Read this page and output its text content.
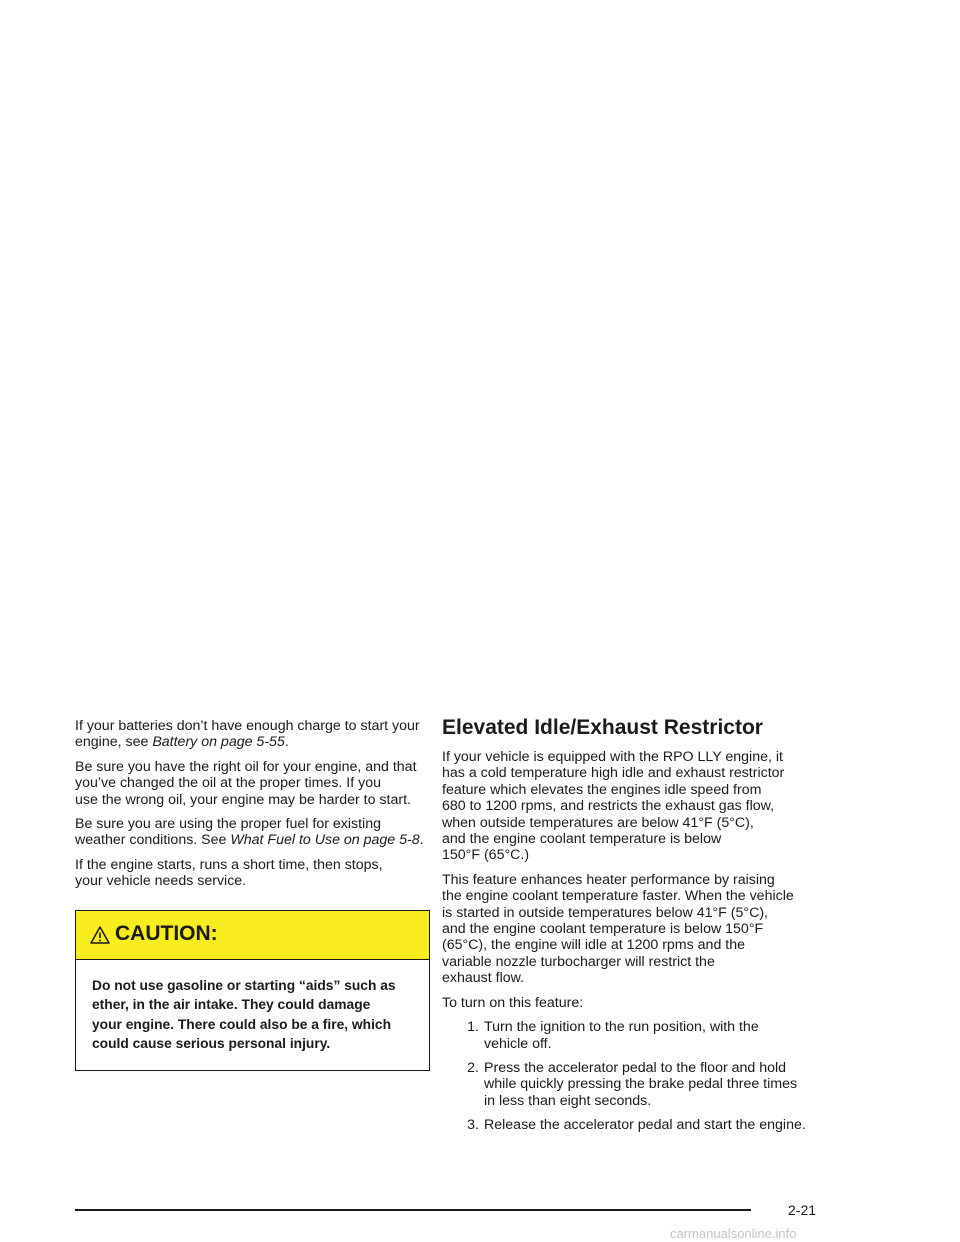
If your batteries don’t have enough charge to start your
engine, see Battery on page 5-55.

Be sure you have the right oil for your engine, and that
you’ve changed the oil at the proper times. If you
use the wrong oil, your engine may be harder to start.

Be sure you are using the proper fuel for existing
weather conditions. See What Fuel to Use on page 5-8.

If the engine starts, runs a short time, then stops,
your vehicle needs service.

CAUTION:
Do not use gasoline or starting “aids” such as
ether, in the air intake. They could damage
your engine. There could also be a fire, which
could cause serious personal injury.
Elevated Idle/Exhaust Restrictor

If your vehicle is equipped with the RPO LLY engine, it
has a cold temperature high idle and exhaust restrictor
feature which elevates the engines idle speed from
680 to 1200 rpms, and restricts the exhaust gas flow,
when outside temperatures are below 41°F (5°C),
and the engine coolant temperature is below
150°F (65°C.)

This feature enhances heater performance by raising
the engine coolant temperature faster. When the vehicle
is started in outside temperatures below 41°F (5°C),
and the engine coolant temperature is below 150°F
(65°C), the engine will idle at 1200 rpms and the
variable nozzle turbocharger will restrict the
exhaust flow.

To turn on this feature:

1. Turn the ignition to the run position, with the
vehicle off.
2. Press the accelerator pedal to the floor and hold
while quickly pressing the brake pedal three times
in less than eight seconds.
3. Release the accelerator pedal and start the engine.
2-21
carmanualsonline.info
